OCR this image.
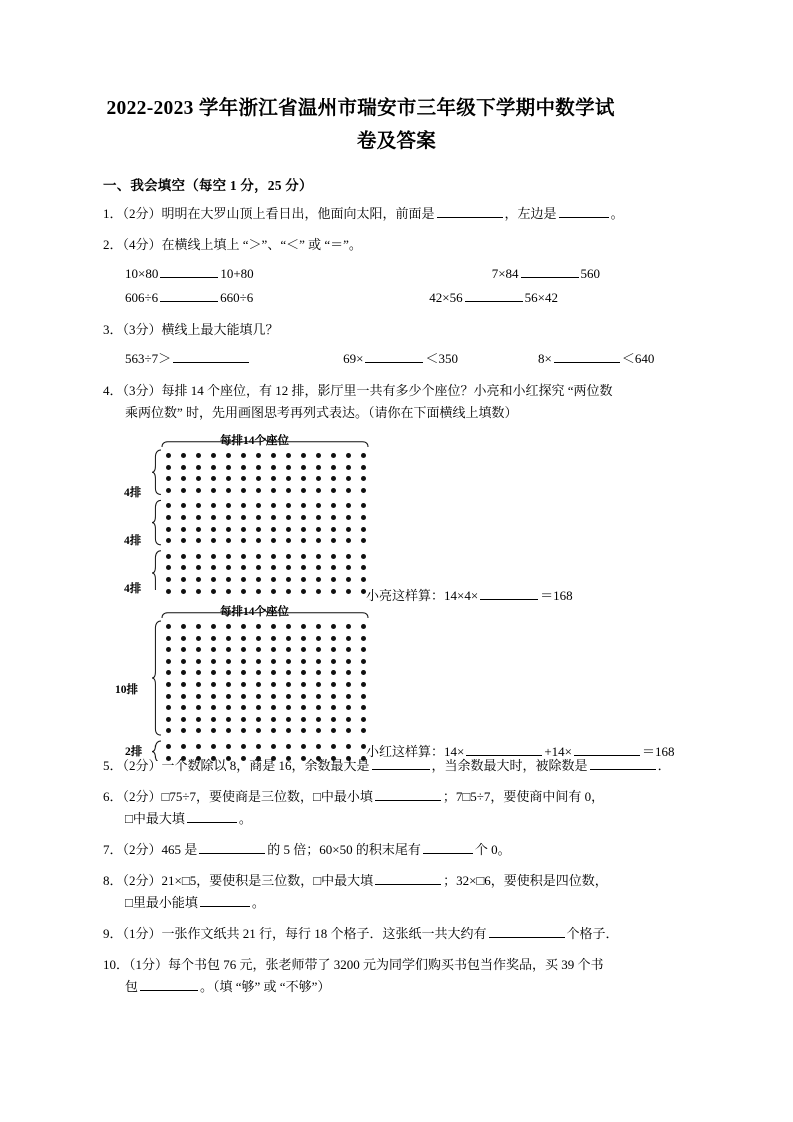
2022-2023 学年浙江省温州市瑞安市三年级下学期中数学试
卷及答案
一、我会填空（每空 1 分，25 分）
1．（2分）明明在大罗山顶上看日出，他面向太阳，前面是	，左边是	。
2．（4分）在横线上填上 “＞”、“＜” 或 “＝”。
10×80	10+80	7×84	560
606÷6	660÷6	42×56	56×42
3．（3分）横线上最大能填几？
563÷7＞	69×	＜350	8×	＜640
4．（3分）每排 14 个座位，有 12 排，影厅里一共有多少个座位？小亮和小红探究 “两位数
乘两位数” 时，先用画图思考再列式表达。（请你在下面横线上填数）
每排14个座位
4排
4排
4排	小亮这样算：14×4×	＝168
每排14个座位
10排
2排	小红这样算：14×	+14×	＝168
5．（2分）一个数除以 8，商是 16，余数最大是	，当余数最大时，被除数是	．
6．（2分）□75÷7，要使商是三位数，□中最小填	；7□5÷7，要使商中间有 0，
□中最大填	。
7．（2分）465 是	的 5 倍；60×50 的积末尾有	个 0。
8．（2分）21×□5，要使积是三位数，□中最大填	；32×□6，要使积是四位数，
□里最小能填	。
9．（1分）一张作文纸共 21 行，每行 18 个格子．这张纸一共大约有	个格子．
10．（1分）每个书包 76 元，张老师带了 3200 元为同学们购买书包当作奖品，买 39 个书
包	。（填 “够” 或 “不够”）
